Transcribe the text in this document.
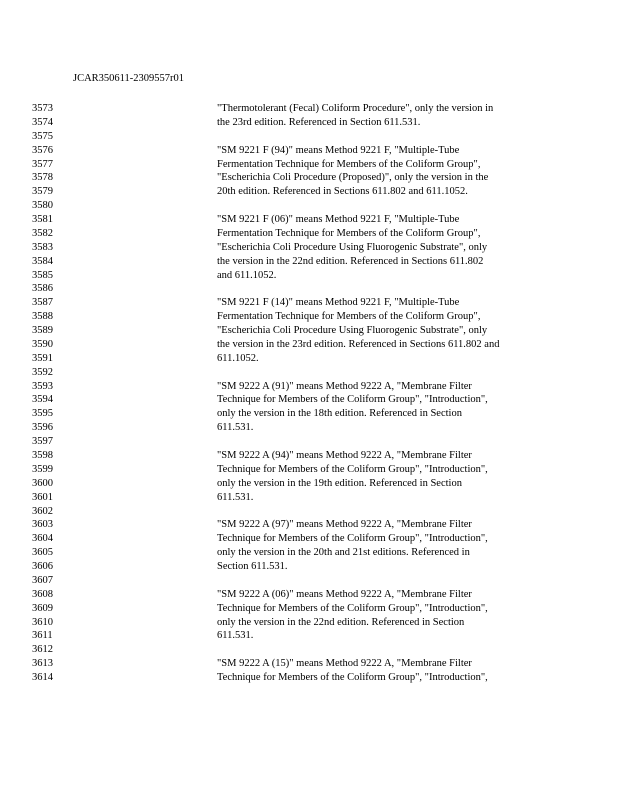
JCAR350611-2309557r01
3573	"Thermotolerant (Fecal) Coliform Procedure", only the version in
3574	the 23rd edition. Referenced in Section 611.531.
3575
3576	"SM 9221 F (94)" means Method 9221 F, "Multiple-Tube
3577	Fermentation Technique for Members of the Coliform Group",
3578	"Escherichia Coli Procedure (Proposed)", only the version in the
3579	20th edition. Referenced in Sections 611.802 and 611.1052.
3580
3581	"SM 9221 F (06)" means Method 9221 F, "Multiple-Tube
3582	Fermentation Technique for Members of the Coliform Group",
3583	"Escherichia Coli Procedure Using Fluorogenic Substrate", only
3584	the version in the 22nd edition. Referenced in Sections 611.802
3585	and 611.1052.
3586
3587	"SM 9221 F (14)" means Method 9221 F, "Multiple-Tube
3588	Fermentation Technique for Members of the Coliform Group",
3589	"Escherichia Coli Procedure Using Fluorogenic Substrate", only
3590	the version in the 23rd edition. Referenced in Sections 611.802 and
3591	611.1052.
3592
3593	"SM 9222 A (91)" means Method 9222 A, "Membrane Filter
3594	Technique for Members of the Coliform Group", "Introduction",
3595	only the version in the 18th edition. Referenced in Section
3596	611.531.
3597
3598	"SM 9222 A (94)" means Method 9222 A, "Membrane Filter
3599	Technique for Members of the Coliform Group", "Introduction",
3600	only the version in the 19th edition. Referenced in Section
3601	611.531.
3602
3603	"SM 9222 A (97)" means Method 9222 A, "Membrane Filter
3604	Technique for Members of the Coliform Group", "Introduction",
3605	only the version in the 20th and 21st editions. Referenced in
3606	Section 611.531.
3607
3608	"SM 9222 A (06)" means Method 9222 A, "Membrane Filter
3609	Technique for Members of the Coliform Group", "Introduction",
3610	only the version in the 22nd edition. Referenced in Section
3611	611.531.
3612
3613	"SM 9222 A (15)" means Method 9222 A, "Membrane Filter
3614	Technique for Members of the Coliform Group", "Introduction",
